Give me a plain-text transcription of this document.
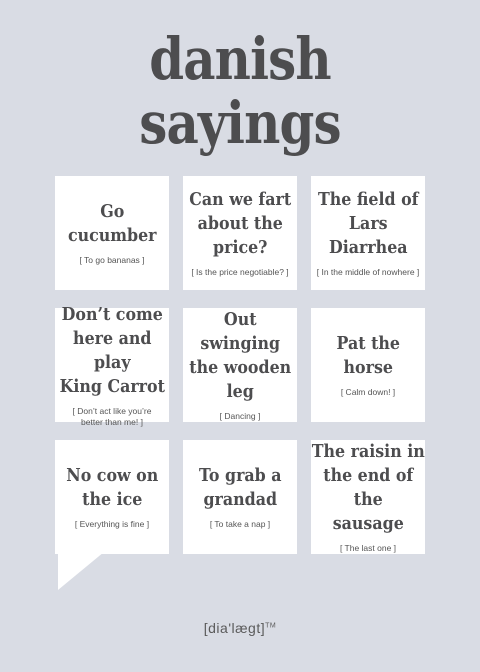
danish
sayings
Go cucumber
[ To go bananas ]
Can we fart
about the
price?
[ Is the price negotiable? ]
The field of
Lars Diarrhea
[ In the middle of nowhere ]
Don’t come
here and play
King Carrot
[ Don’t act like you’re
better than me! ]
Out swinging
the wooden
leg
[ Dancing ]
Pat the horse
[ Calm down! ]
No cow on
the ice
[ Everything is fine ]
To grab a
grandad
[ To take a nap ]
The raisin in
the end of the
sausage
[ The last one ]
[dia'lægt]™
